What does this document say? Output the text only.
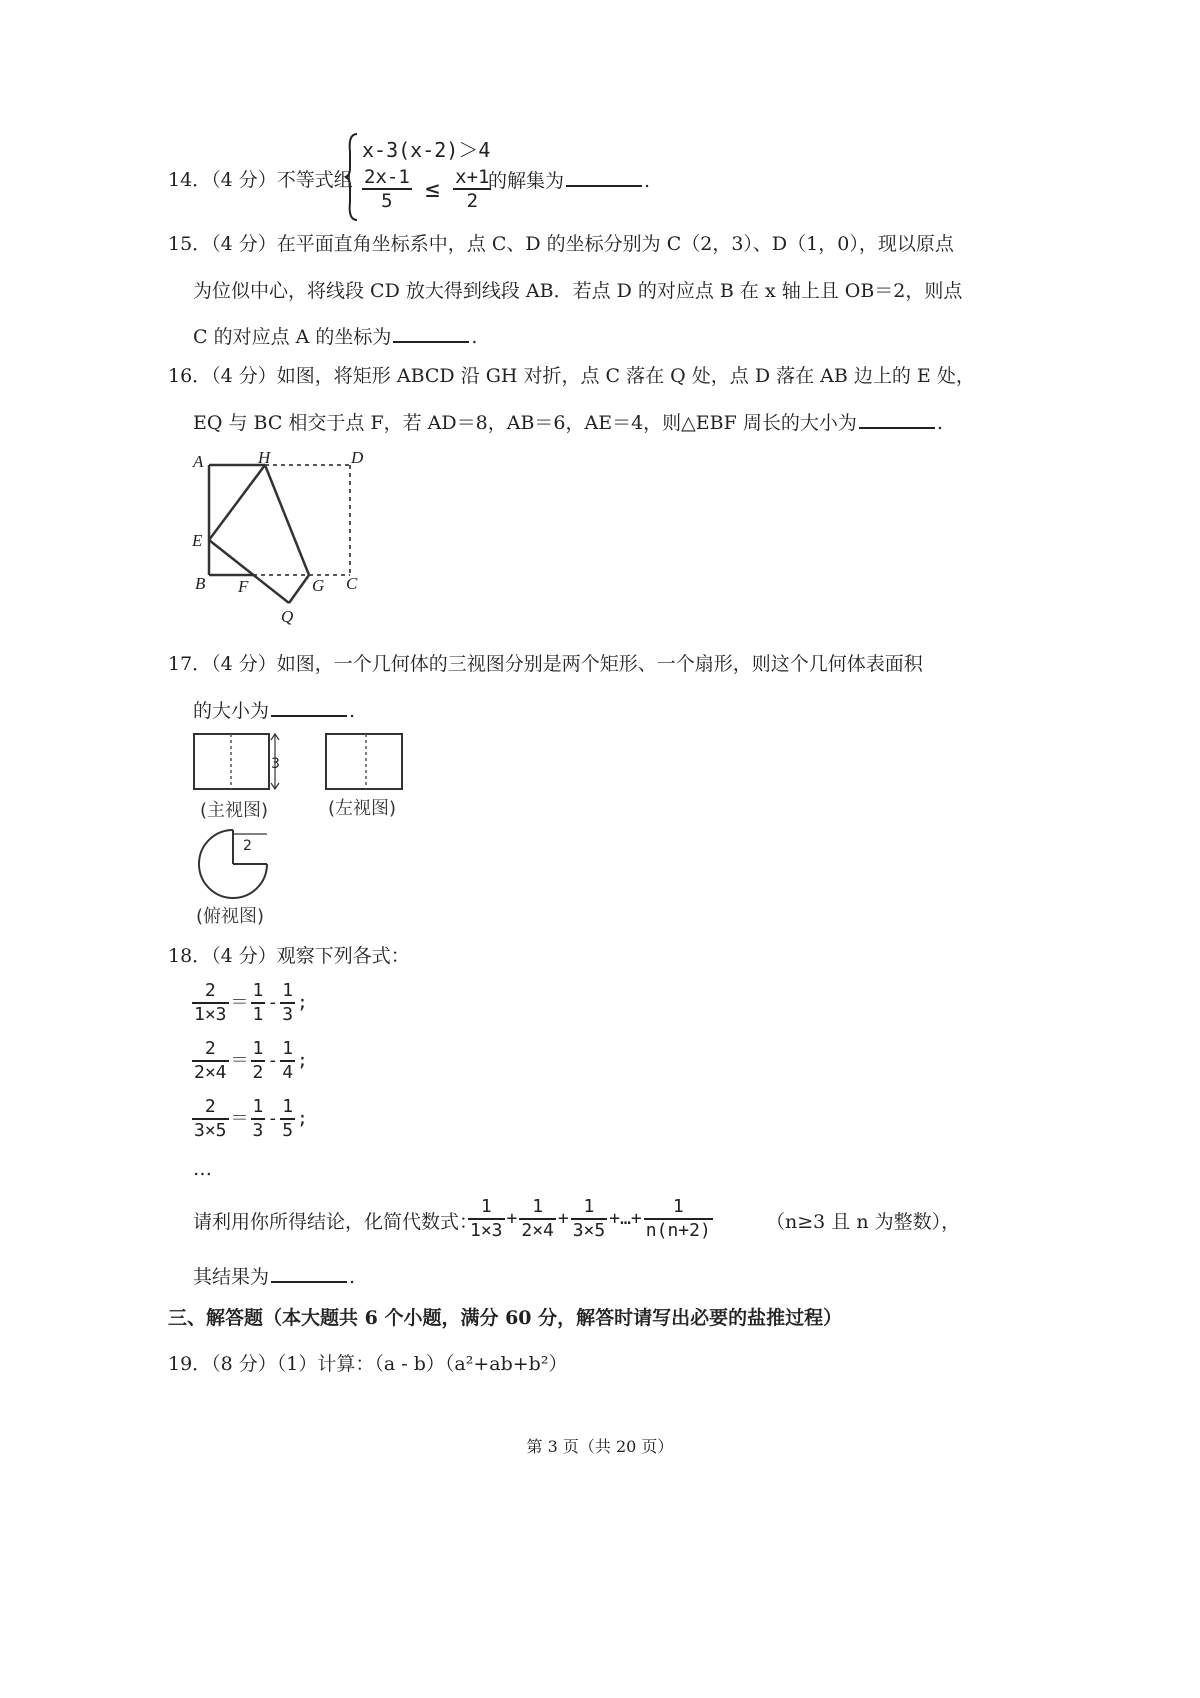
14．（4 分）不等式组
x-3(x-2)＞4
$\frac{2x-1}{5} \le \frac{x+1}{2}$
的解集为	.
15．（4 分）在平面直角坐标系中，点 C、D 的坐标分别为 C（2，3）、D（1，0），现以原点
为位似中心，将线段 CD 放大得到线段 AB．若点 D 的对应点 B 在 x 轴上且 OB＝2，则点
C 的对应点 A 的坐标为	.
16．（4 分）如图，将矩形 ABCD 沿 GH 对折，点 C 落在 Q 处，点 D 落在 AB 边上的 E 处，
EQ 与 BC 相交于点 F，若 AD＝8，AB＝6，AE＝4，则△EBF 周长的大小为	.
A	H	D
E
B F	G C
Q
17．（4 分）如图，一个几何体的三视图分别是两个矩形、一个扇形，则这个几何体表面积
的大小为	.
3
2
(主视图)	(左视图)
(俯视图)
18．（4 分）观察下列各式：
$\frac{2}{1\times 3} = \frac{1}{1} - \frac{1}{3}$ ;
$\frac{2}{2\times 4} = \frac{1}{2} - \frac{1}{4}$ ;
$\frac{2}{3\times 5} = \frac{1}{3} - \frac{1}{5}$ ;
…
请利用你所得结论，化简代数式：
$\frac{1}{1\times 3} + \frac{1}{2\times 4} + \frac{1}{3\times 5}$ +…+ $\frac{1}{n(n+2)}$	（n≥3 且 n 为整数），
其结果为	.
三、解答题（本大题共 6 个小题，满分 60 分，解答时请写出必要的盐推过程）
19．（8 分）（1）计算：（a - b）（a²+ab+b²）
第 3 页（共 20 页）
